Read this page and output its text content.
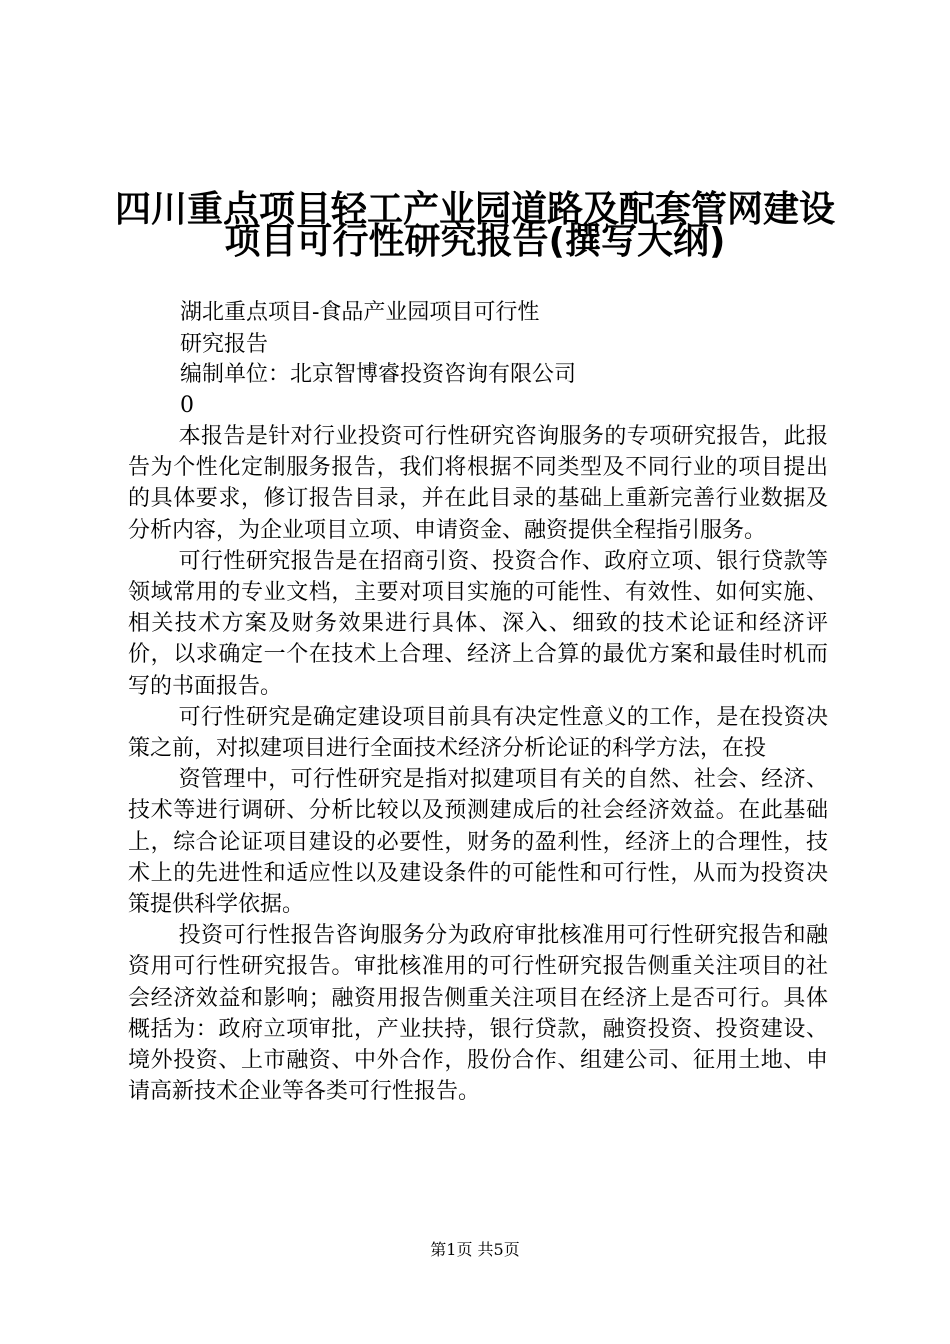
四川重点项目轻工产业园道路及配套管网建设
项目可行性研究报告(撰写大纲)
湖北重点项目-食品产业园项目可行性
研究报告
编制单位：北京智博睿投资咨询有限公司
0

本报告是针对行业投资可行性研究咨询服务的专项研究报告，此报告为个性化定制服务报告，我们将根据不同类型及不同行业的项目提出的具体要求，修订报告目录，并在此目录的基础上重新完善行业数据及分析内容，为企业项目立项、申请资金、融资提供全程指引服务。

可行性研究报告是在招商引资、投资合作、政府立项、银行贷款等领域常用的专业文档，主要对项目实施的可能性、有效性、如何实施、相关技术方案及财务效果进行具体、深入、细致的技术论证和经济评价，以求确定一个在技术上合理、经济上合算的最优方案和最佳时机而写的书面报告。

可行性研究是确定建设项目前具有决定性意义的工作，是在投资决策之前，对拟建项目进行全面技术经济分析论证的科学方法，在投

资管理中，可行性研究是指对拟建项目有关的自然、社会、经济、技术等进行调研、分析比较以及预测建成后的社会经济效益。在此基础上，综合论证项目建设的必要性，财务的盈利性，经济上的合理性，技术上的先进性和适应性以及建设条件的可能性和可行性，从而为投资决策提供科学依据。

投资可行性报告咨询服务分为政府审批核准用可行性研究报告和融资用可行性研究报告。审批核准用的可行性研究报告侧重关注项目的社会经济效益和影响；融资用报告侧重关注项目在经济上是否可行。具体概括为：政府立项审批，产业扶持，银行贷款，融资投资、投资建设、境外投资、上市融资、中外合作，股份合作、组建公司、征用土地、申请高新技术企业等各类可行性报告。

第1页 共5页
